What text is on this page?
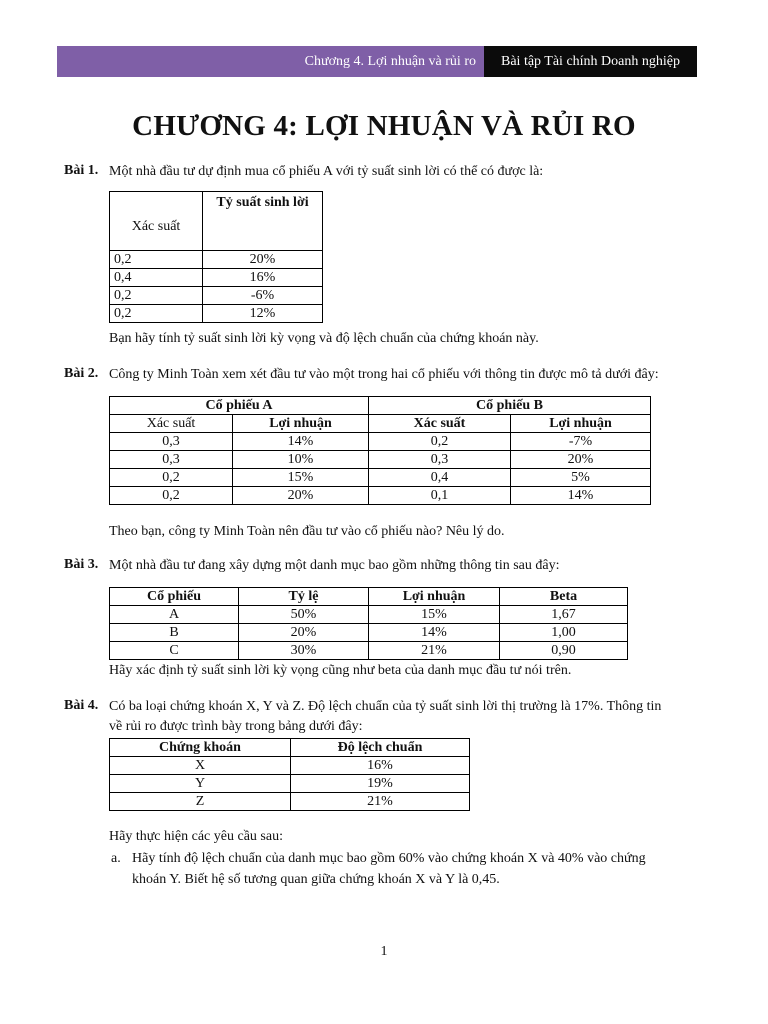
Chương 4. Lợi nhuận và rủi ro	Bài tập Tài chính Doanh nghiệp
CHƯƠNG 4: LỢI NHUẬN VÀ RỦI RO
Bài 1. Một nhà đầu tư dự định mua cổ phiếu A với tỷ suất sinh lời có thể có được là:
Xác suất	Tỷ suất sinh lời
0,2	20%
0,4	16%
0,2	-6%
0,2	12%
Bạn hãy tính tỷ suất sinh lời kỳ vọng và độ lệch chuẩn của chứng khoán này.
Bài 2. Công ty Minh Toàn xem xét đầu tư vào một trong hai cổ phiếu với thông tin được mô tả dưới đây:
Cổ phiếu A		Cổ phiếu B	
Xác suất	Lợi nhuận	Xác suất	Lợi nhuận
0,3	14%	0,2	-7%
0,3	10%	0,3	20%
0,2	15%	0,4	5%
0,2	20%	0,1	14%
Theo bạn, công ty Minh Toàn nên đầu tư vào cổ phiếu nào? Nêu lý do.
Bài 3. Một nhà đầu tư đang xây dựng một danh mục bao gồm những thông tin sau đây:
Cổ phiếu	Tỷ lệ	Lợi nhuận	Beta
A	50%	15%	1,67
B	20%	14%	1,00
C	30%	21%	0,90
Hãy xác định tỷ suất sinh lời kỳ vọng cũng như beta của danh mục đầu tư nói trên.
Bài 4. Có ba loại chứng khoán X, Y và Z. Độ lệch chuẩn của tỷ suất sinh lời thị trường là 17%. Thông tin
về rủi ro được trình bày trong bảng dưới đây:
Chứng khoán	Độ lệch chuẩn
X	16%
Y	19%
Z	21%
Hãy thực hiện các yêu cầu sau:
a. Hãy tính độ lệch chuẩn của danh mục bao gồm 60% vào chứng khoán X và 40% vào chứng
khoán Y. Biết hệ số tương quan giữa chứng khoán X và Y là 0,45.
1
